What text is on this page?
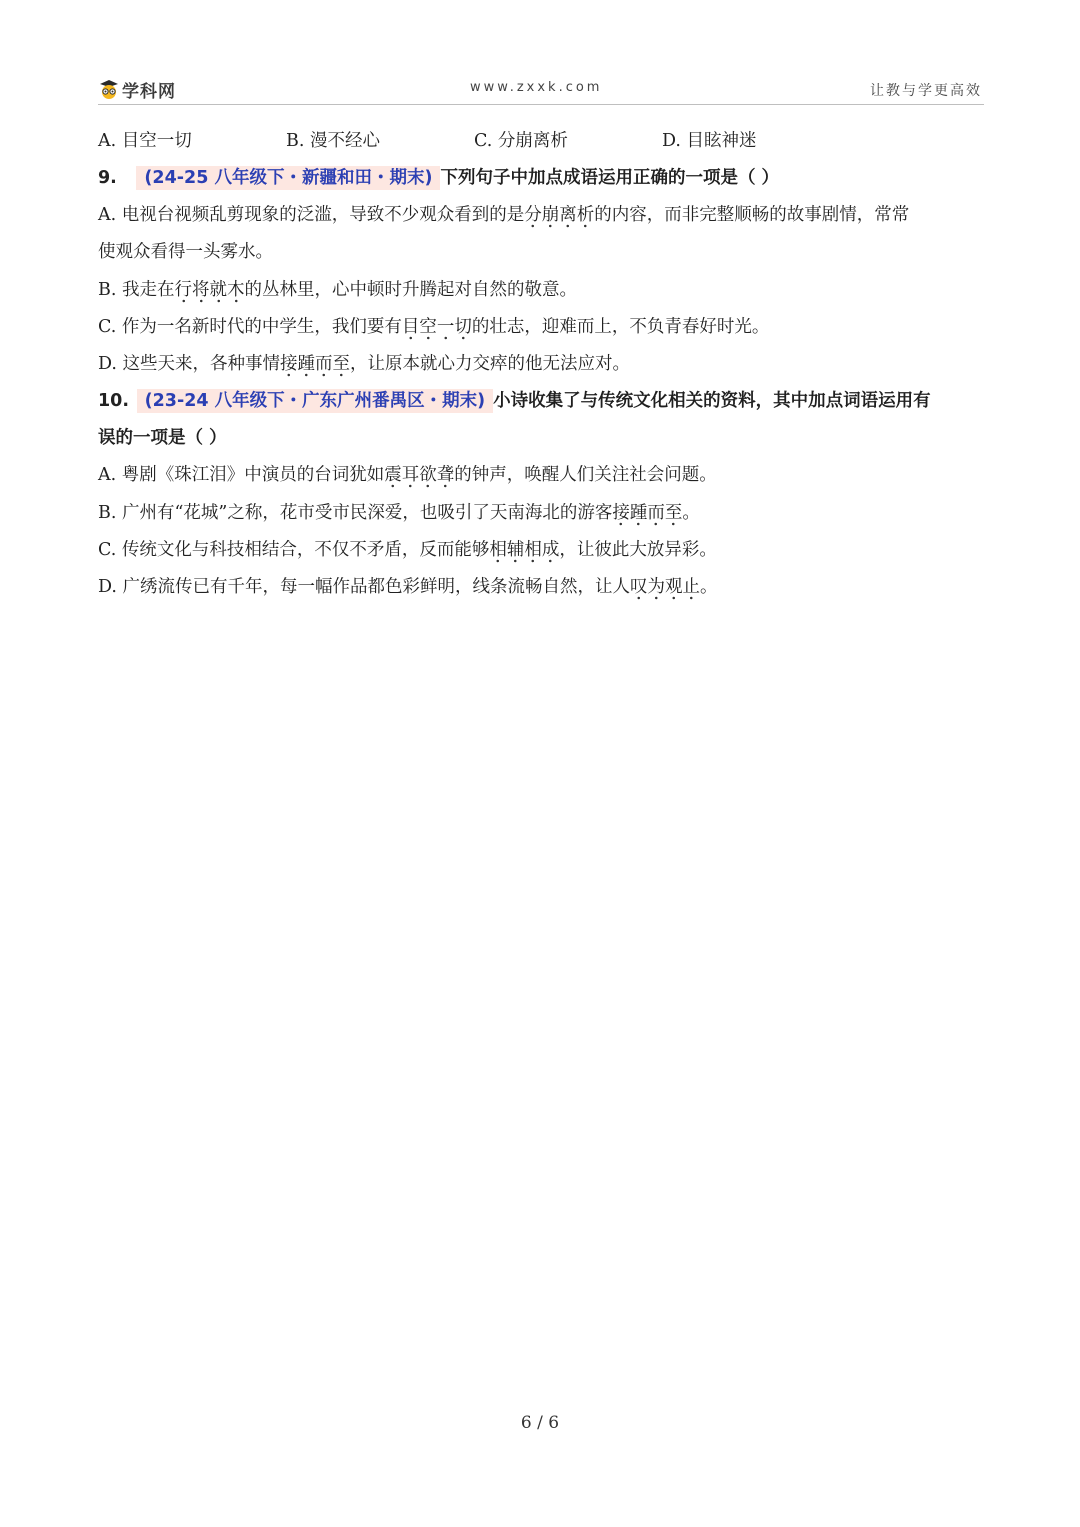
学科网	www.zxxk.com	让教与学更高效
A. 目空一切	B. 漫不经心	C. 分崩离析	D. 目眩神迷
9. (24-25 八年级下・新疆和田・期末) 下列句子中加点成语运用正确的一项是（ ）
A. 电视台视频乱剪现象的泛滥，导致不少观众看到的是分崩离析的内容，而非完整顺畅的故事剧情，常常
使观众看得一头雾水。
B. 我走在行将就木的丛林里，心中顿时升腾起对自然的敬意。
C. 作为一名新时代的中学生，我们要有目空一切的壮志，迎难而上，不负青春好时光。
D. 这些天来，各种事情接踵而至，让原本就心力交瘁的他无法应对。
10. (23-24 八年级下・广东广州番禺区・期末) 小诗收集了与传统文化相关的资料，其中加点词语运用有
误的一项是（ ）
A. 粤剧《珠江泪》中演员的台词犹如震耳欲聋的钟声，唤醒人们关注社会问题。
B. 广州有“花城”之称，花市受市民深爱，也吸引了天南海北的游客接踵而至。
C. 传统文化与科技相结合，不仅不矛盾，反而能够相辅相成，让彼此大放异彩。
D. 广绣流传已有千年，每一幅作品都色彩鲜明，线条流畅自然，让人叹为观止。
6 / 6
